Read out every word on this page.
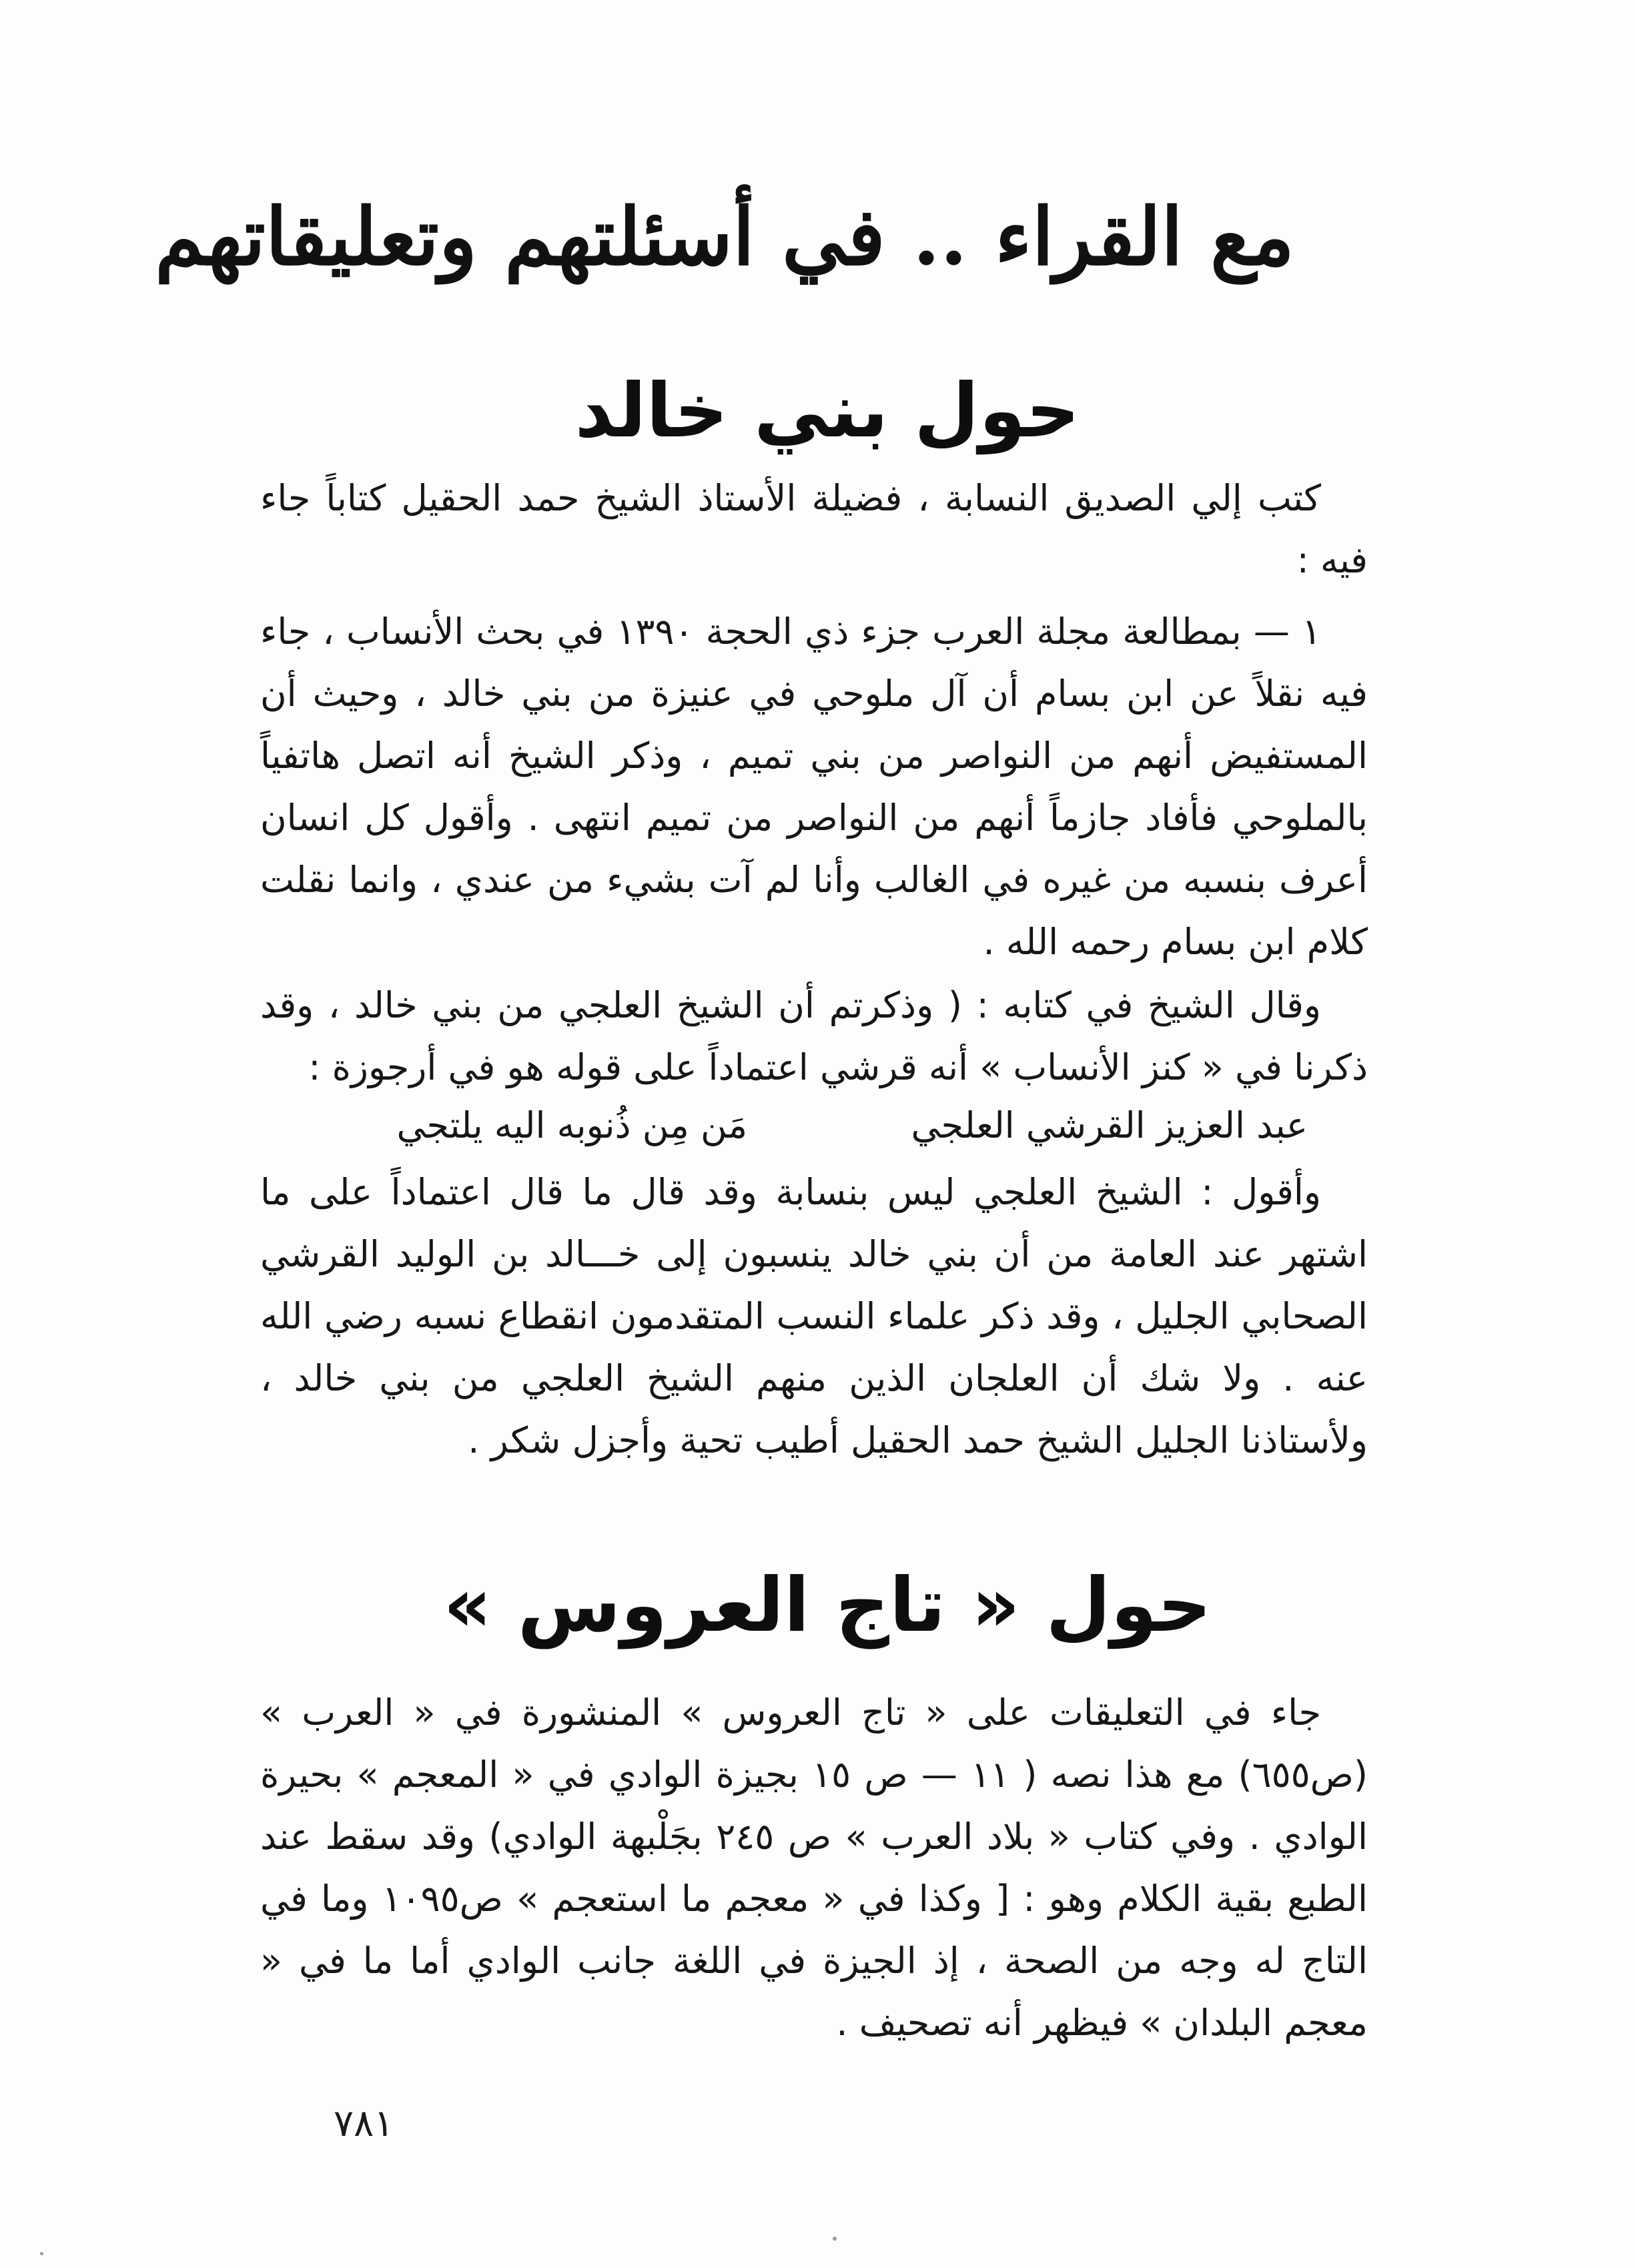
مع القراء .. في أسئلتهم وتعليقاتهم
حول بني خالد
كتب إلي الصديق النسابة ، فضيلة الأستاذ الشيخ حمد الحقيل كتاباً جاء فيه :
١ — بمطالعة مجلة العرب جزء ذي الحجة ١٣٩٠ في بحث الأنساب ، جاء فيه نقلاً عن ابن بسام أن آل ملوحي في عنيزة من بني خالد ، وحيث أن المستفيض أنهم من النواصر من بني تميم ، وذكر الشيخ أنه اتصل هاتفياً بالملوحي فأفاد جازماً أنهم من النواصر من تميم انتهى . وأقول كل انسان أعرف بنسبه من غيره في الغالب وأنا لم آت بشيء من عندي ، وانما نقلت كلام ابن بسام رحمه الله .
وقال الشيخ في كتابه : ( وذكرتم أن الشيخ العلجي من بني خالد ، وقد ذكرنا في « كنز الأنساب » أنه قرشي اعتماداً على قوله هو في أرجوزة :
عبد العزيز القرشي العلجي
مَن مِن ذُنوبه اليه يلتجي
وأقول : الشيخ العلجي ليس بنسابة وقد قال ما قال اعتماداً على ما اشتهر عند العامة من أن بني خالد ينسبون إلى خـــالد بن الوليد القرشي الصحابي الجليل ، وقد ذكر علماء النسب المتقدمون انقطاع نسبه رضي الله عنه . ولا شك أن العلجان الذين منهم الشيخ العلجي من بني خالد ، ولأستاذنا الجليل الشيخ حمد الحقيل أطيب تحية وأجزل شكر .
حول « تاج العروس »
جاء في التعليقات على « تاج العروس » المنشورة في « العرب » (ص٦٥٥) مع هذا نصه ( ١١ — ص ١٥ بجيزة الوادي في « المعجم » بحيرة الوادي . وفي كتاب « بلاد العرب » ص ٢٤٥ بجَلْبهة الوادي) وقد سقط عند الطبع بقية الكلام وهو : [ وكذا في « معجم ما استعجم » ص١٠٩٥ وما في التاج له وجه من الصحة ، إذ الجيزة في اللغة جانب الوادي أما ما في « معجم البلدان » فيظهر أنه تصحيف .
٧٨١
